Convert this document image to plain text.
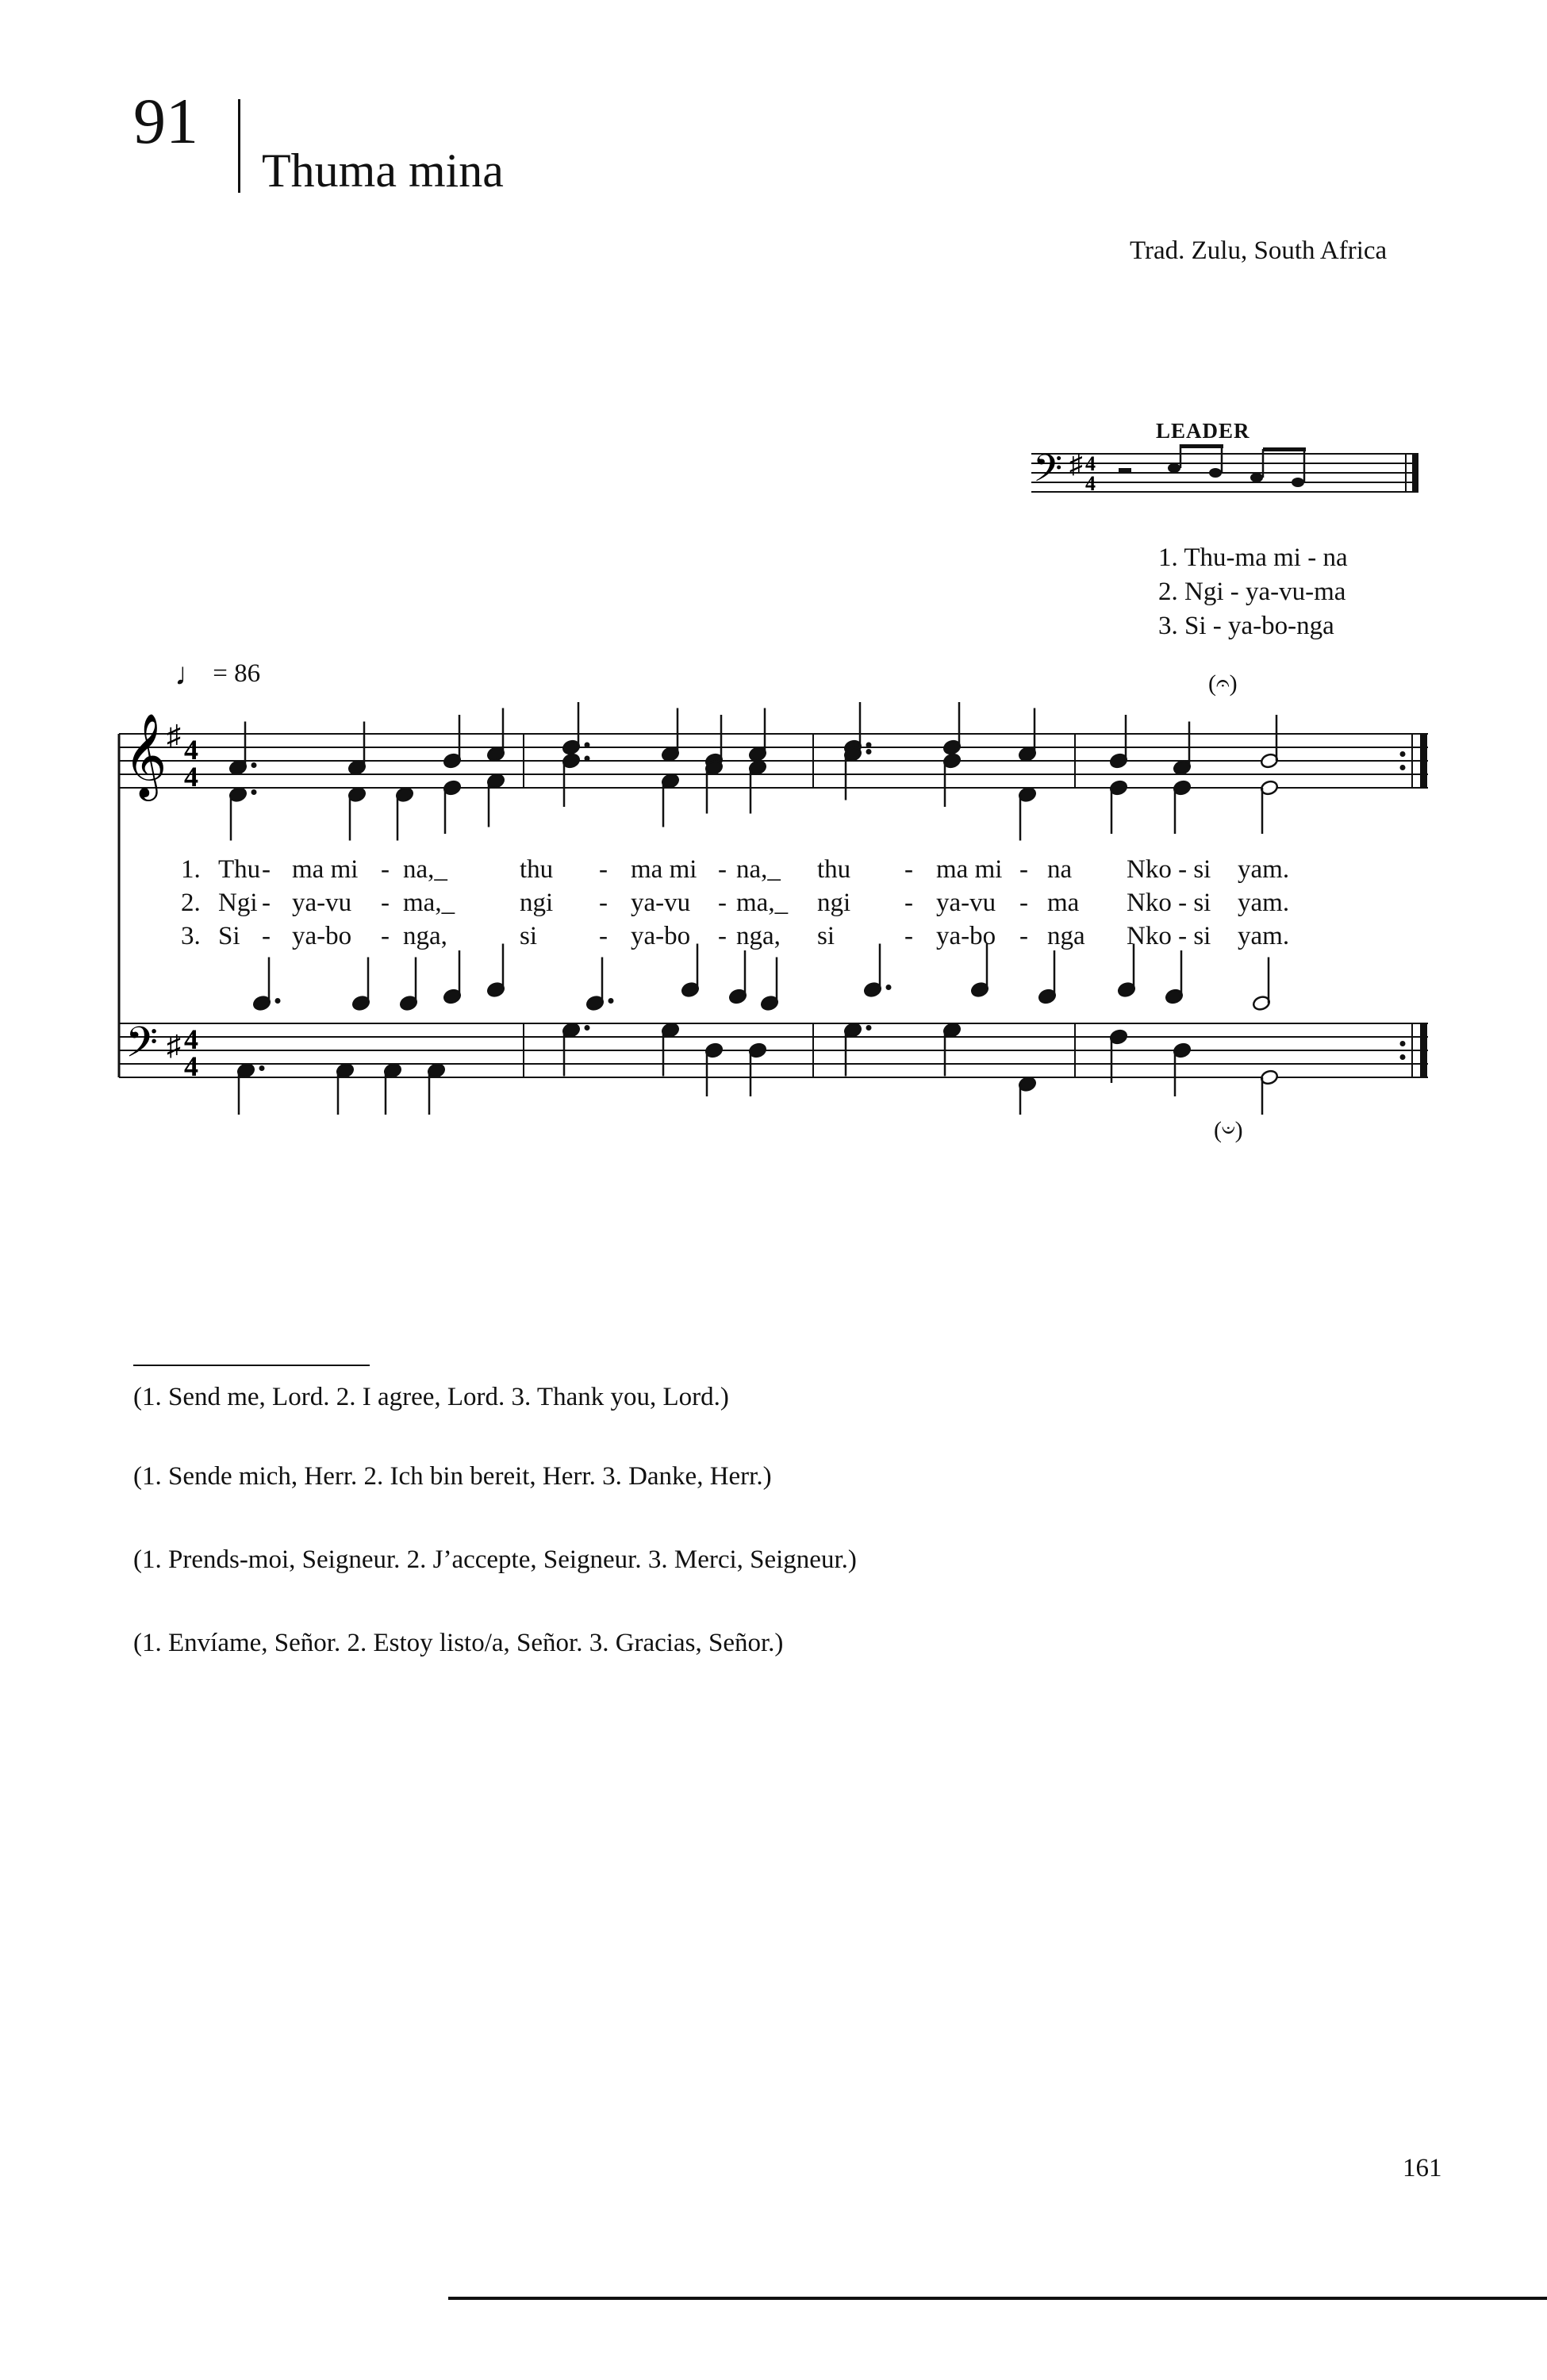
91
Thuma mina
Trad. Zulu, South Africa
LEADER
𝄢 ♯ 4
4
1. Thu-ma mi - na
2. Ngi - ya-vu-ma
3. Si - ya-bo-nga
♩ = 86	(𝄐)
(𝄑)
𝄞
𝄢
♯
♯
4
4
4
4
1. Thu - ma mi - na,_	thu - ma mi - na,_ thu - ma mi - na Nko - si yam.
2. Ngi - ya-vu - ma,_ ngi - ya-vu - ma,_ ngi - ya-vu - ma Nko - si yam.
3. Si - ya-bo - nga,	si - ya-bo - nga, si	- ya-bo - nga Nko - si yam.
(1. Send me, Lord. 2. I agree, Lord. 3. Thank you, Lord.)
(1. Sende mich, Herr. 2. Ich bin bereit, Herr. 3. Danke, Herr.)
(1. Prends-moi, Seigneur. 2. J’accepte, Seigneur. 3. Merci, Seigneur.)
(1. Envíame, Señor. 2. Estoy listo/a, Señor. 3. Gracias, Señor.)
161
